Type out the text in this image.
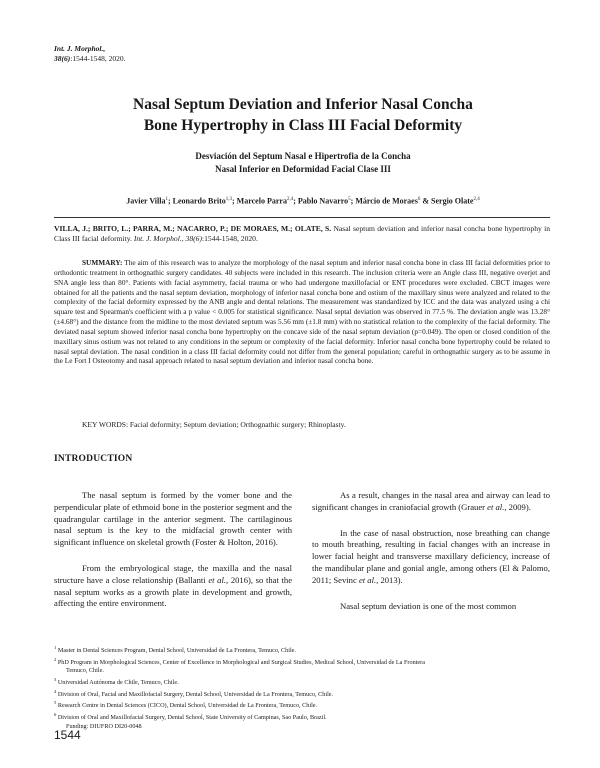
Int. J. Morphol.,
38(6):1544-1548, 2020.
Nasal Septum Deviation and Inferior Nasal Concha
Bone Hypertrophy in Class III Facial Deformity
Desviación del Septum Nasal e Hipertrofia de la Concha
Nasal Inferior en Deformidad Facial Clase III
Javier Villa$^1$; Leonardo Brito$^{1,3}$; Marcelo Parra$^{2,4}$; Pablo Navarro$^5$; Márcio de Moraes$^6$ & Sergio Olate$^{2,4}$
VILLA, J.; BRITO, L.; PARRA, M.; NACARRO, P.; DE MORAES, M.; OLATE, S. Nasal septum deviation and inferior nasal concha bone hypertrophy in Class III facial deformity. Int. J. Morphol., 38(6):1544-1548, 2020.
SUMMARY: The aim of this research was to analyze the morphology of the nasal septum and inferior nasal concha bone in class III facial deformities prior to orthodontic treatment in orthognathic surgery candidates. 40 subjects were included in this research. The inclusion criteria were an Angle class III, negative overjet and SNA angle less than 80°. Patients with facial asymmetry, facial trauma or who had undergone maxillofacial or ENT procedures were excluded. CBCT images were obtained for all the patients and the nasal septum deviation, morphology of inferior nasal concha bone and ostium of the maxillary sinus were analyzed and related to the complexity of the facial deformity expressed by the ANB angle and dental relations. The measurement was standardized by ICC and the data was analyzed using a chi square test and Spearman's coefficient with a p value < 0.005 for statistical significance. Nasal septal deviation was observed in 77.5 %. The deviation angle was 13.28° (±4.68°) and the distance from the midline to the most deviated septum was 5.56 mm (±1.8 mm) with no statistical relation to the complexity of the facial deformity. The deviated nasal septum showed inferior nasal concha bone hypertrophy on the concave side of the nasal septum deviation (p=0.049). The open or closed condition of the maxillary sinus ostium was not related to any conditions in the septum or complexity of the facial deformity. Inferior nasal concha bone hypertrophy could be related to nasal septal deviation. The nasal condition in a class III facial deformity could not differ from the general population; careful in orthognathic surgery as to be assume in the Le Fort I Osteotomy and nasal approach related to nasal septum deviation and inferior nasal concha bone.
KEY WORDS: Facial deformity; Septum deviation; Orthognathic surgery; Rhinoplasty.
INTRODUCTION

The nasal septum is formed by the vomer bone and the perpendicular plate of ethmoid bone in the posterior segment and the quadrangular cartilage in the anterior segment. The cartilaginous nasal septum is the key to the midfacial growth center with significant influence on skeletal growth (Foster & Holton, 2016).

From the embryological stage, the maxilla and the nasal structure have a close relationship (Ballanti et al., 2016), so that the nasal septum works as a growth plate in development and growth, affecting the entire environment.

As a result, changes in the nasal area and airway can lead to significant changes in craniofacial growth (Grauer et al., 2009).

In the case of nasal obstruction, nose breathing can change to mouth breathing, resulting in facial changes with an increase in lower facial height and transverse maxillary deficiency, increase of the mandibular plane and gonial angle, among others (El & Palomo, 2011; Sevinc et al., 2013).

Nasal septum deviation is one of the most common

$^1$ Master in Dental Sciences Program, Dental School, Universidad de La Frontera, Temuco, Chile.
$^2$ PhD Program in Morphological Sciences, Center of Excellence in Morphological and Surgical Studies, Medical School, Universidad de La Frontera
Temuco, Chile.
$^3$ Universidad Autónoma de Chile, Temuco, Chile.
$^4$ Division of Oral, Facial and Maxillofacial Surgery, Dental School, Universidad de La Frontera, Temuco, Chile.
$^5$ Research Centre in Dental Sciences (CICO), Dental School, Universidad de La Frontera, Temuco, Chile.
$^6$ Division of Oral and Maxillofacial Surgery, Dental School, State University of Campinas, Sao Paulo, Brazil.
Funding: DIUFRO DI20-0048
1544
